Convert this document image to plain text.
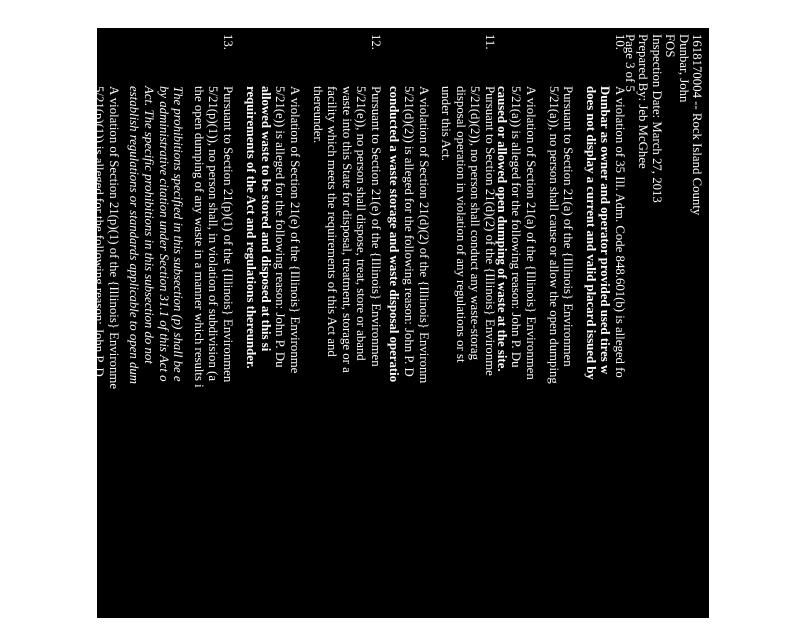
1618170004 -- Rock Island County
Dunbar, John
FOS
Inspection Date: March 27, 2013
Prepared By: Jeb McGhee
Page 3 of 5
10.
A violation of 35 Ill. Adm. Code 848.601(b) is alleged fo
Dunbar as owner and operator provided used tires w
does not display a current and valid placard issued by
Pursuant to Section 21(a) of the {Illinois} Environmen
5/21(a)), no person shall cause or allow the open dumping
A violation of Section 21(a) of the {Illinois} Environmen
5/21(a)) is alleged for the following reason: John P. Du
caused or allowed open dumping of waste at the site.
11.
Pursuant to Section 21(d)(2) of the {Illinois} Environme
5/21(d)(2)), no person shall conduct any waste-storag
disposal operation in violation of any regulations or st
under this Act.
A violation of Section 21(d)(2) of the {Illinois} Environm
5/21(d)(2)) is alleged for the following reason: John P. D
conducted a waste storage and waste disposal operatio
12.
Pursuant to Section 21(e) of the {Illinois} Environmen
5/21(e)), no person shall dispose, treat, store or aband
waste into this State for disposal, treatment, storage or a
facility which meets the requirements of this Act and
thereunder.
A violation of Section 21(e) of the {Illinois} Environme
5/21(e)) is alleged for the following reason: John P. Du
allowed waste to be stored and disposed at this si
requirements of the Act and regulations thereunder.
13.
Pursuant to Section 21(p)(1) of the {Illinois} Environmen
5/21(p)(1)), no person shall, in violation of subdivision (a
the open dumping of any waste in a manner which results i
The prohibitions specified in this subsection (p) shall be e
by administrative citation under Section 31.1 of this Act o
Act. The specific prohibitions in this subsection do not
establish regulations or standards applicable to open dum
A violation of Section 21(p)(1) of the {Illinois} Environme
5/21(p)(1)) is alleged for the following reason: John P. D
caused or allowed the open dumping of waste in a man
